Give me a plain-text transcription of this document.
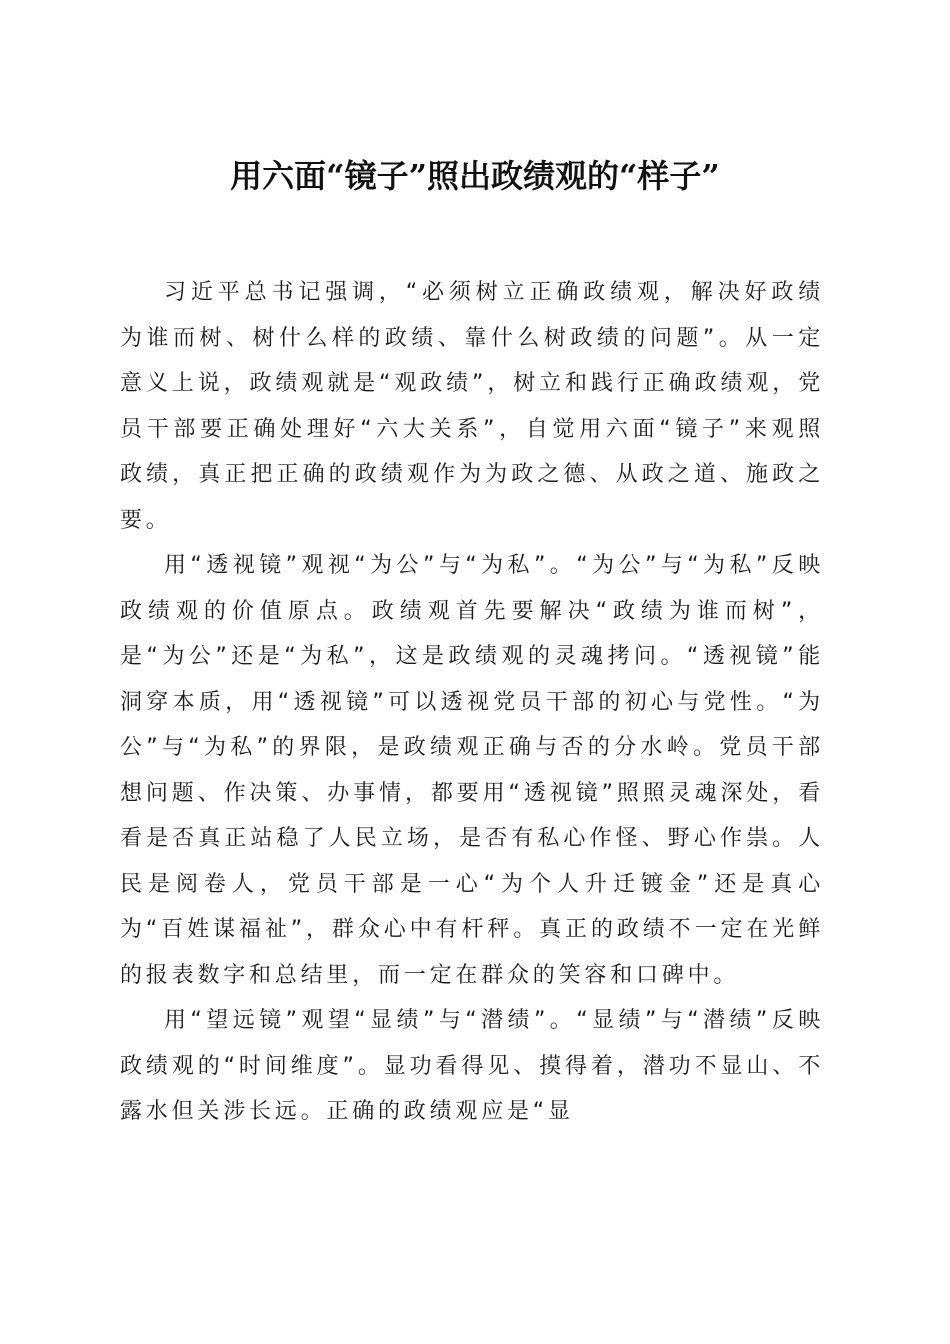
用六面“镜子”照出政绩观的“样子”

习近平总书记强调，“必须树立正确政绩观，解决好政绩为谁而树、树什么样的政绩、靠什么树政绩的问题”。从一定意义上说，政绩观就是“观政绩”，树立和践行正确政绩观，党员干部要正确处理好“六大关系”，自觉用六面“镜子”来观照政绩，真正把正确的政绩观作为为政之德、从政之道、施政之要。

用“透视镜”观视“为公”与“为私”。“为公”与“为私”反映政绩观的价值原点。政绩观首先要解决“政绩为谁而树”，是“为公”还是“为私”，这是政绩观的灵魂拷问。“透视镜”能洞穿本质，用“透视镜”可以透视党员干部的初心与党性。“为公”与“为私”的界限，是政绩观正确与否的分水岭。党员干部想问题、作决策、办事情，都要用“透视镜”照照灵魂深处，看看是否真正站稳了人民立场，是否有私心作怪、野心作祟。人民是阅卷人，党员干部是一心“为个人升迁镀金”还是真心为“百姓谋福祉”，群众心中有杆秤。真正的政绩不一定在光鲜的报表数字和总结里，而一定在群众的笑容和口碑中。

用“望远镜”观望“显绩”与“潜绩”。“显绩”与“潜绩”反映政绩观的“时间维度”。显功看得见、摸得着，潜功不显山、不露水但关涉长远。正确的政绩观应是“显
